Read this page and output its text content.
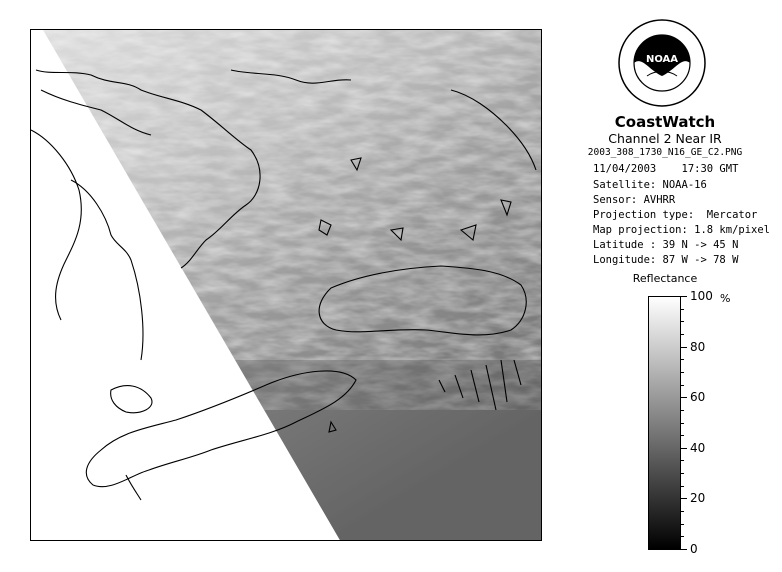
NOAA
CoastWatch
Channel 2 Near IR
2003_308_1730_N16_GE_C2.PNG
11/04/2003    17:30 GMT
Satellite: NOAA-16
Sensor: AVHRR
Projection type:  Mercator
Map projection: 1.8 km/pixel
Latitude : 39 N -> 45 N
Longitude: 87 W -> 78 W
Reflectance
%
100
80
60
40
20
0
